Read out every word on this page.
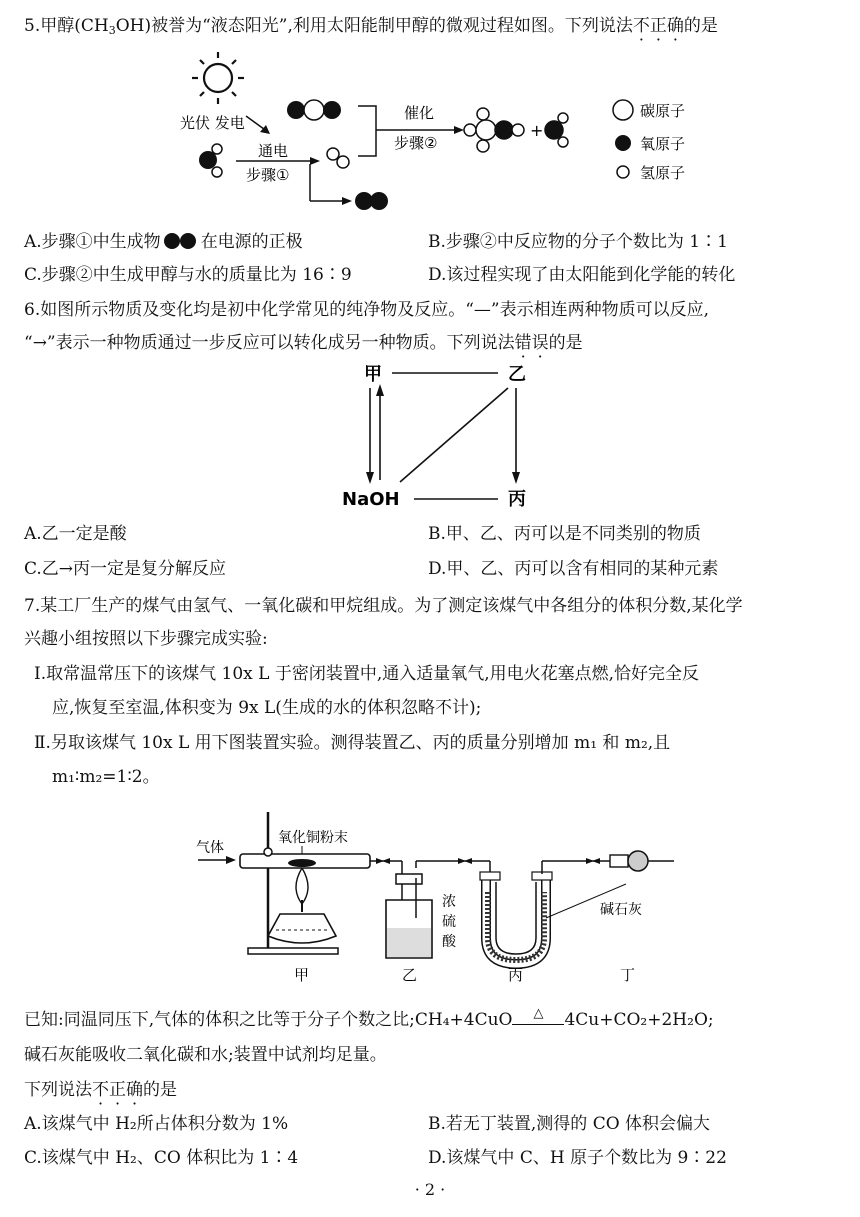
5.甲醇$(CH_3OH)$被誉为“液态阳光”,利用太阳能制甲醇的微观过程如图。下列说法不正确的是
光伏 发电
通电
步骤①
催化
步骤②
+
碳原子
氧原子
氢原子
A.步骤①中生成物 在电源的正极	B.步骤②中反应物的分子个数比为 1∶1
C.步骤②中生成甲醇与水的质量比为 16∶9	D.该过程实现了由太阳能到化学能的转化
6.如图所示物质及变化均是初中化学常见的纯净物及反应。“—”表示相连两种物质可以反应,
“→”表示一种物质通过一步反应可以转化成另一种物质。下列说法错误的是
甲	乙
NaOH	丙
A.乙一定是酸	B.甲、乙、丙可以是不同类别的物质
C.乙→丙一定是复分解反应	D.甲、乙、丙可以含有相同的某种元素
7.某工厂生产的煤气由氢气、一氧化碳和甲烷组成。为了测定该煤气中各组分的体积分数,某化学
兴趣小组按照以下步骤完成实验:
Ⅰ.取常温常压下的该煤气 10x L 于密闭装置中,通入适量氧气,用电火花塞点燃,恰好完全反
应,恢复至室温,体积变为 9x L(生成的水的体积忽略不计);
Ⅱ.另取该煤气 10x L 用下图装置实验。测得装置乙、丙的质量分别增加 m₁ 和 m₂,且
m₁∶m₂=1∶2。
气体
氧化铜粉末
浓
硫
酸
碱石灰
甲	乙	丙	丁
已知:同温同压下,气体的体积之比等于分子个数之比;CH₄+4CuO	△	4Cu+CO₂+2H₂O;
碱石灰能吸收二氧化碳和水;装置中试剂均足量。
下列说法不正确的是
A.该煤气中 H₂所占体积分数为 1%	B.若无丁装置,测得的 CO 体积会偏大
C.该煤气中 H₂、CO 体积比为 1∶4	D.该煤气中 C、H 原子个数比为 9∶22
· 2 ·
